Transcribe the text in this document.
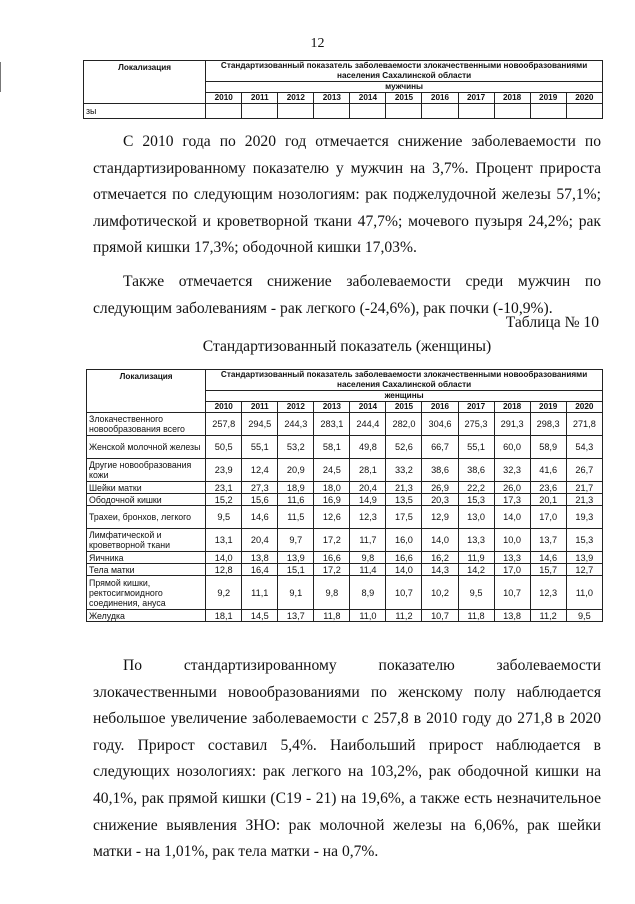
12
Локализация	Стандартизованный показатель заболеваемости злокачественными новообразованиями населения Сахалинской области										
	мужчины										
	2010	2011	2012	2013	2014	2015	2016	2017	2018	2019	2020
зы											

С 2010 года по 2020 год отмечается снижение заболеваемости по стандартизированному показателю у мужчин на 3,7%. Процент прироста отмечается по следующим нозологиям: рак поджелудочной железы 57,1%; лимфотической и кроветворной ткани 47,7%; мочевого пузыря 24,2%; рак прямой кишки 17,3%; ободочной кишки 17,03%.

Также отмечается снижение заболеваемости среди мужчин по следующим заболеваниям - рак легкого (-24,6%), рак почки (-10,9%).

Таблица № 10
Стандартизованный показатель (женщины)
Локализация	Стандартизованный показатель заболеваемости злокачественными новообразованиями населения Сахалинской области										
	женщины										
	2010	2011	2012	2013	2014	2015	2016	2017	2018	2019	2020
Злокачественного новообразования всего	257,8	294,5	244,3	283,1	244,4	282,0	304,6	275,3	291,3	298,3	271,8
Женской молочной железы	50,5	55,1	53,2	58,1	49,8	52,6	66,7	55,1	60,0	58,9	54,3
Другие новообразования кожи	23,9	12,4	20,9	24,5	28,1	33,2	38,6	38,6	32,3	41,6	26,7
Шейки матки	23,1	27,3	18,9	18,0	20,4	21,3	26,9	22,2	26,0	23,6	21,7
Ободочной кишки	15,2	15,6	11,6	16,9	14,9	13,5	20,3	15,3	17,3	20,1	21,3
Трахеи, бронхов, легкого	9,5	14,6	11,5	12,6	12,3	17,5	12,9	13,0	14,0	17,0	19,3
Лимфатической и кроветворной ткани	13,1	20,4	9,7	17,2	11,7	16,0	14,0	13,3	10,0	13,7	15,3
Яичника	14,0	13,8	13,9	16,6	9,8	16,6	16,2	11,9	13,3	14,6	13,9
Тела матки	12,8	16,4	15,1	17,2	11,4	14,0	14,3	14,2	17,0	15,7	12,7
Прямой кишки, ректосигмоидного соединения, ануса	9,2	11,1	9,1	9,8	8,9	10,7	10,2	9,5	10,7	12,3	11,0
Желудка	18,1	14,5	13,7	11,8	11,0	11,2	10,7	11,8	13,8	11,2	9,5

По стандартизированному показателю заболеваемости злокачественными новообразованиями по женскому полу наблюдается небольшое увеличение заболеваемости с 257,8 в 2010 году до 271,8 в 2020 году. Прирост составил 5,4%. Наибольший прирост наблюдается в следующих нозологиях: рак легкого на 103,2%, рак ободочной кишки на 40,1%, рак прямой кишки (С19 - 21) на 19,6%, а также есть незначительное снижение выявления ЗНО: рак молочной железы на 6,06%, рак шейки матки - на 1,01%, рак тела матки - на 0,7%.
